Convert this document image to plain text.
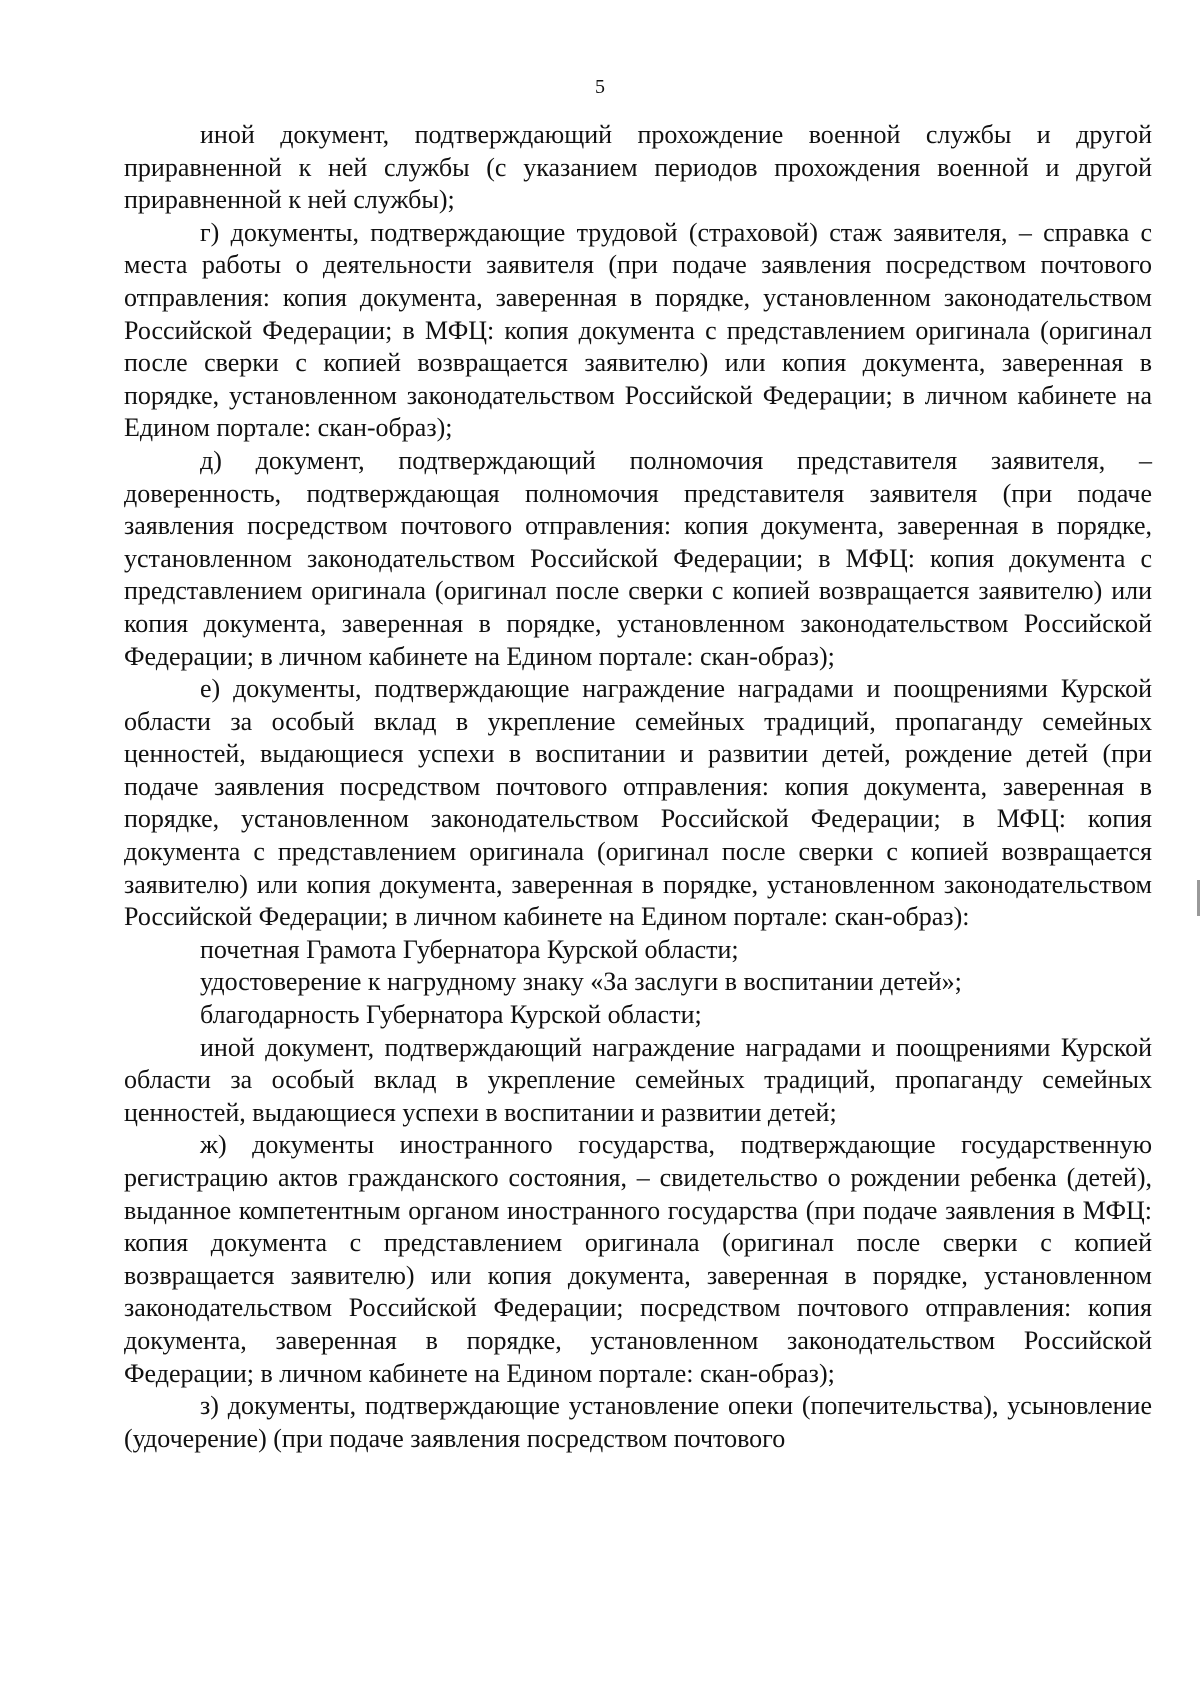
5

иной документ, подтверждающий прохождение военной службы и другой приравненной к ней службы (с указанием периодов прохождения военной и другой приравненной к ней службы);

г) документы, подтверждающие трудовой (страховой) стаж заявителя, – справка с места работы о деятельности заявителя (при подаче заявления посредством почтового отправления: копия документа, заверенная в порядке, установленном законодательством Российской Федерации; в МФЦ: копия документа с представлением оригинала (оригинал после сверки с копией возвращается заявителю) или копия документа, заверенная в порядке, установленном законодательством Российской Федерации; в личном кабинете на Едином портале: скан-образ);

д) документ, подтверждающий полномочия представителя заявителя, – доверенность, подтверждающая полномочия представителя заявителя (при подаче заявления посредством почтового отправления: копия документа, заверенная в порядке, установленном законодательством Российской Федерации; в МФЦ: копия документа с представлением оригинала (оригинал после сверки с копией возвращается заявителю) или копия документа, заверенная в порядке, установленном законодательством Российской Федерации; в личном кабинете на Едином портале: скан-образ);

е) документы, подтверждающие награждение наградами и поощрениями Курской области за особый вклад в укрепление семейных традиций, пропаганду семейных ценностей, выдающиеся успехи в воспитании и развитии детей, рождение детей (при подаче заявления посредством почтового отправления: копия документа, заверенная в порядке, установленном законодательством Российской Федерации; в МФЦ: копия документа с представлением оригинала (оригинал после сверки с копией возвращается заявителю) или копия документа, заверенная в порядке, установленном законодательством Российской Федерации; в личном кабинете на Едином портале: скан-образ):

почетная Грамота Губернатора Курской области;

удостоверение к нагрудному знаку «За заслуги в воспитании детей»;

благодарность Губернатора Курской области;

иной документ, подтверждающий награждение наградами и поощрениями Курской области за особый вклад в укрепление семейных традиций, пропаганду семейных ценностей, выдающиеся успехи в воспитании и развитии детей;

ж) документы иностранного государства, подтверждающие государственную регистрацию актов гражданского состояния, – свидетельство о рождении ребенка (детей), выданное компетентным органом иностранного государства (при подаче заявления в МФЦ: копия документа с представлением оригинала (оригинал после сверки с копией возвращается заявителю) или копия документа, заверенная в порядке, установленном законодательством Российской Федерации; посредством почтового отправления: копия документа, заверенная в порядке, установленном законодательством Российской Федерации; в личном кабинете на Едином портале: скан-образ);

з) документы, подтверждающие установление опеки (попечительства), усыновление (удочерение) (при подаче заявления посредством почтового
